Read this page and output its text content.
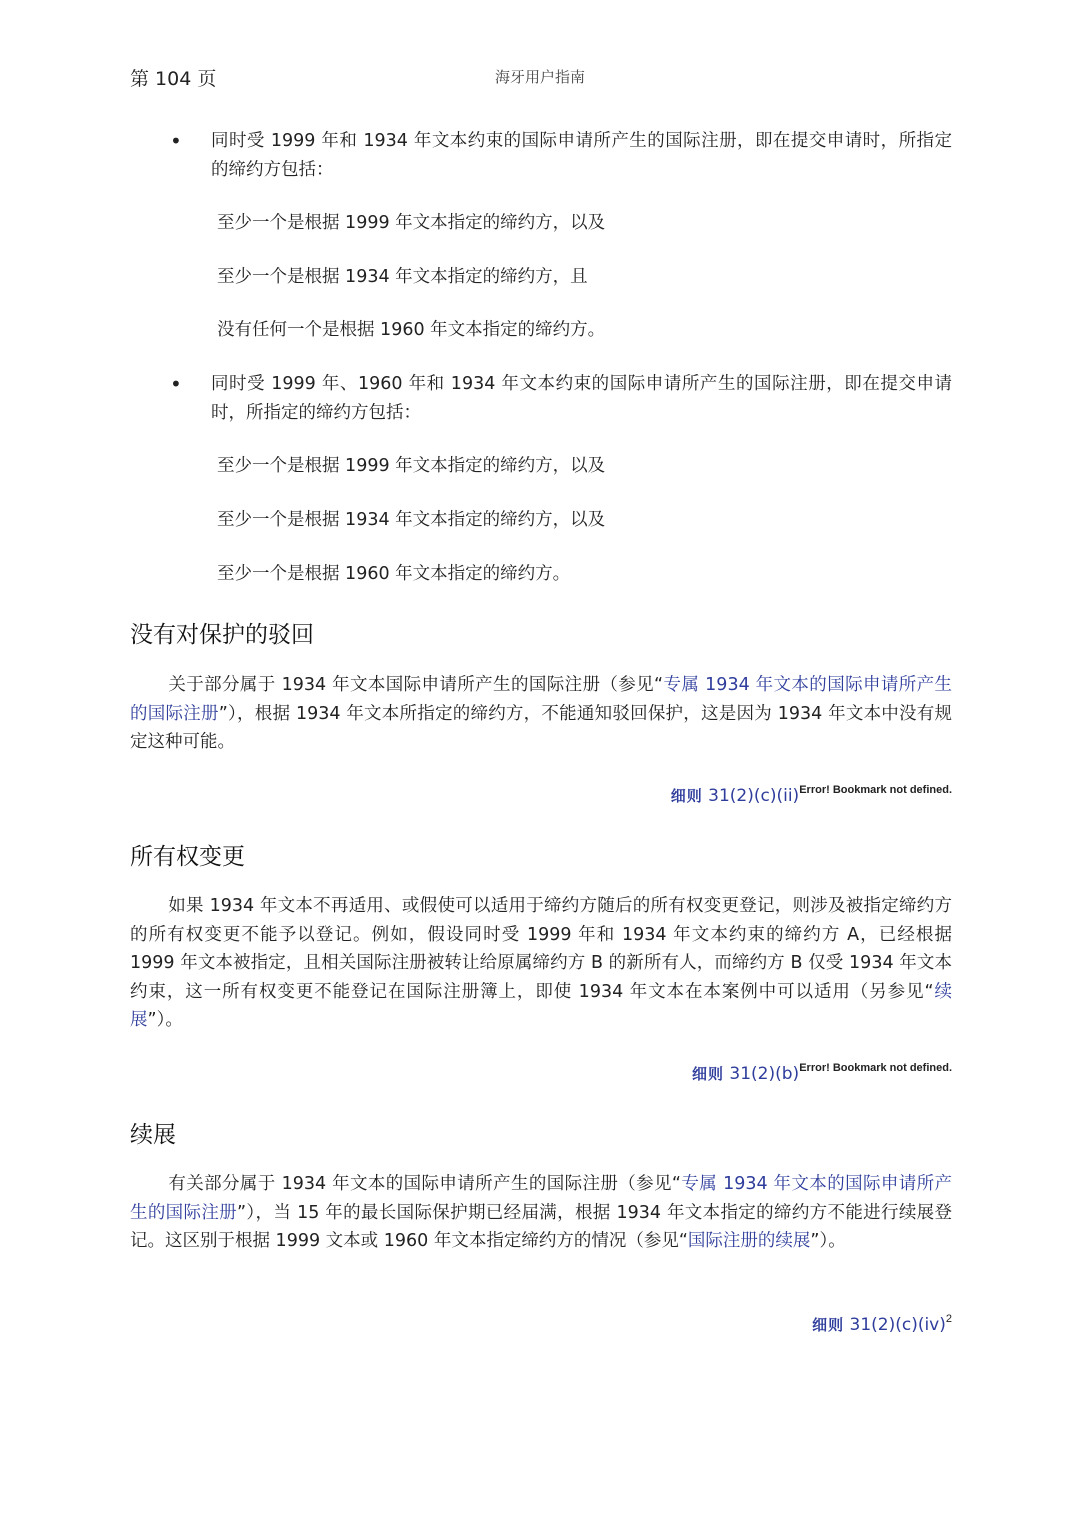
第 104 页	海牙用户指南
• 同时受 1999 年和 1934 年文本约束的国际申请所产生的国际注册，即在提交申请时，所指定的缔约方包括：

至少一个是根据 1999 年文本指定的缔约方，以及
至少一个是根据 1934 年文本指定的缔约方，且
没有任何一个是根据 1960 年文本指定的缔约方。
• 同时受 1999 年、1960 年和 1934 年文本约束的国际申请所产生的国际注册，即在提交申请时，所指定的缔约方包括：

至少一个是根据 1999 年文本指定的缔约方，以及
至少一个是根据 1934 年文本指定的缔约方，以及
至少一个是根据 1960 年文本指定的缔约方。
没有对保护的驳回

关于部分属于 1934 年文本国际申请所产生的国际注册（参见“专属 1934 年文本的国际申请所产生的国际注册”），根据 1934 年文本所指定的缔约方，不能通知驳回保护，这是因为 1934 年文本中没有规定这种可能。

细则 31(2)(c)(ii)$^{Error! Bookmark not defined.}$
所有权变更

如果 1934 年文本不再适用、或假使可以适用于缔约方随后的所有权变更登记，则涉及被指定缔约方的所有权变更不能予以登记。例如，假设同时受 1999 年和 1934 年文本约束的缔约方 A，已经根据 1999 年文本被指定，且相关国际注册被转让给原属缔约方 B 的新所有人，而缔约方 B 仅受 1934 年文本约束，这一所有权变更不能登记在国际注册簿上，即使 1934 年文本在本案例中可以适用（另参见“续展”）。

细则 $31(2)(b)^{Error! Bookmark not defined.}$
续展

有关部分属于 1934 年文本的国际申请所产生的国际注册（参见“专属 1934 年文本的国际申请所产生的国际注册”），当 15 年的最长国际保护期已经届满，根据 1934 年文本指定的缔约方不能进行续展登记。这区别于根据 1999 文本或 1960 年文本指定缔约方的情况（参见“国际注册的续展”）。

细则 31(2)(c)(iv)$^2$
